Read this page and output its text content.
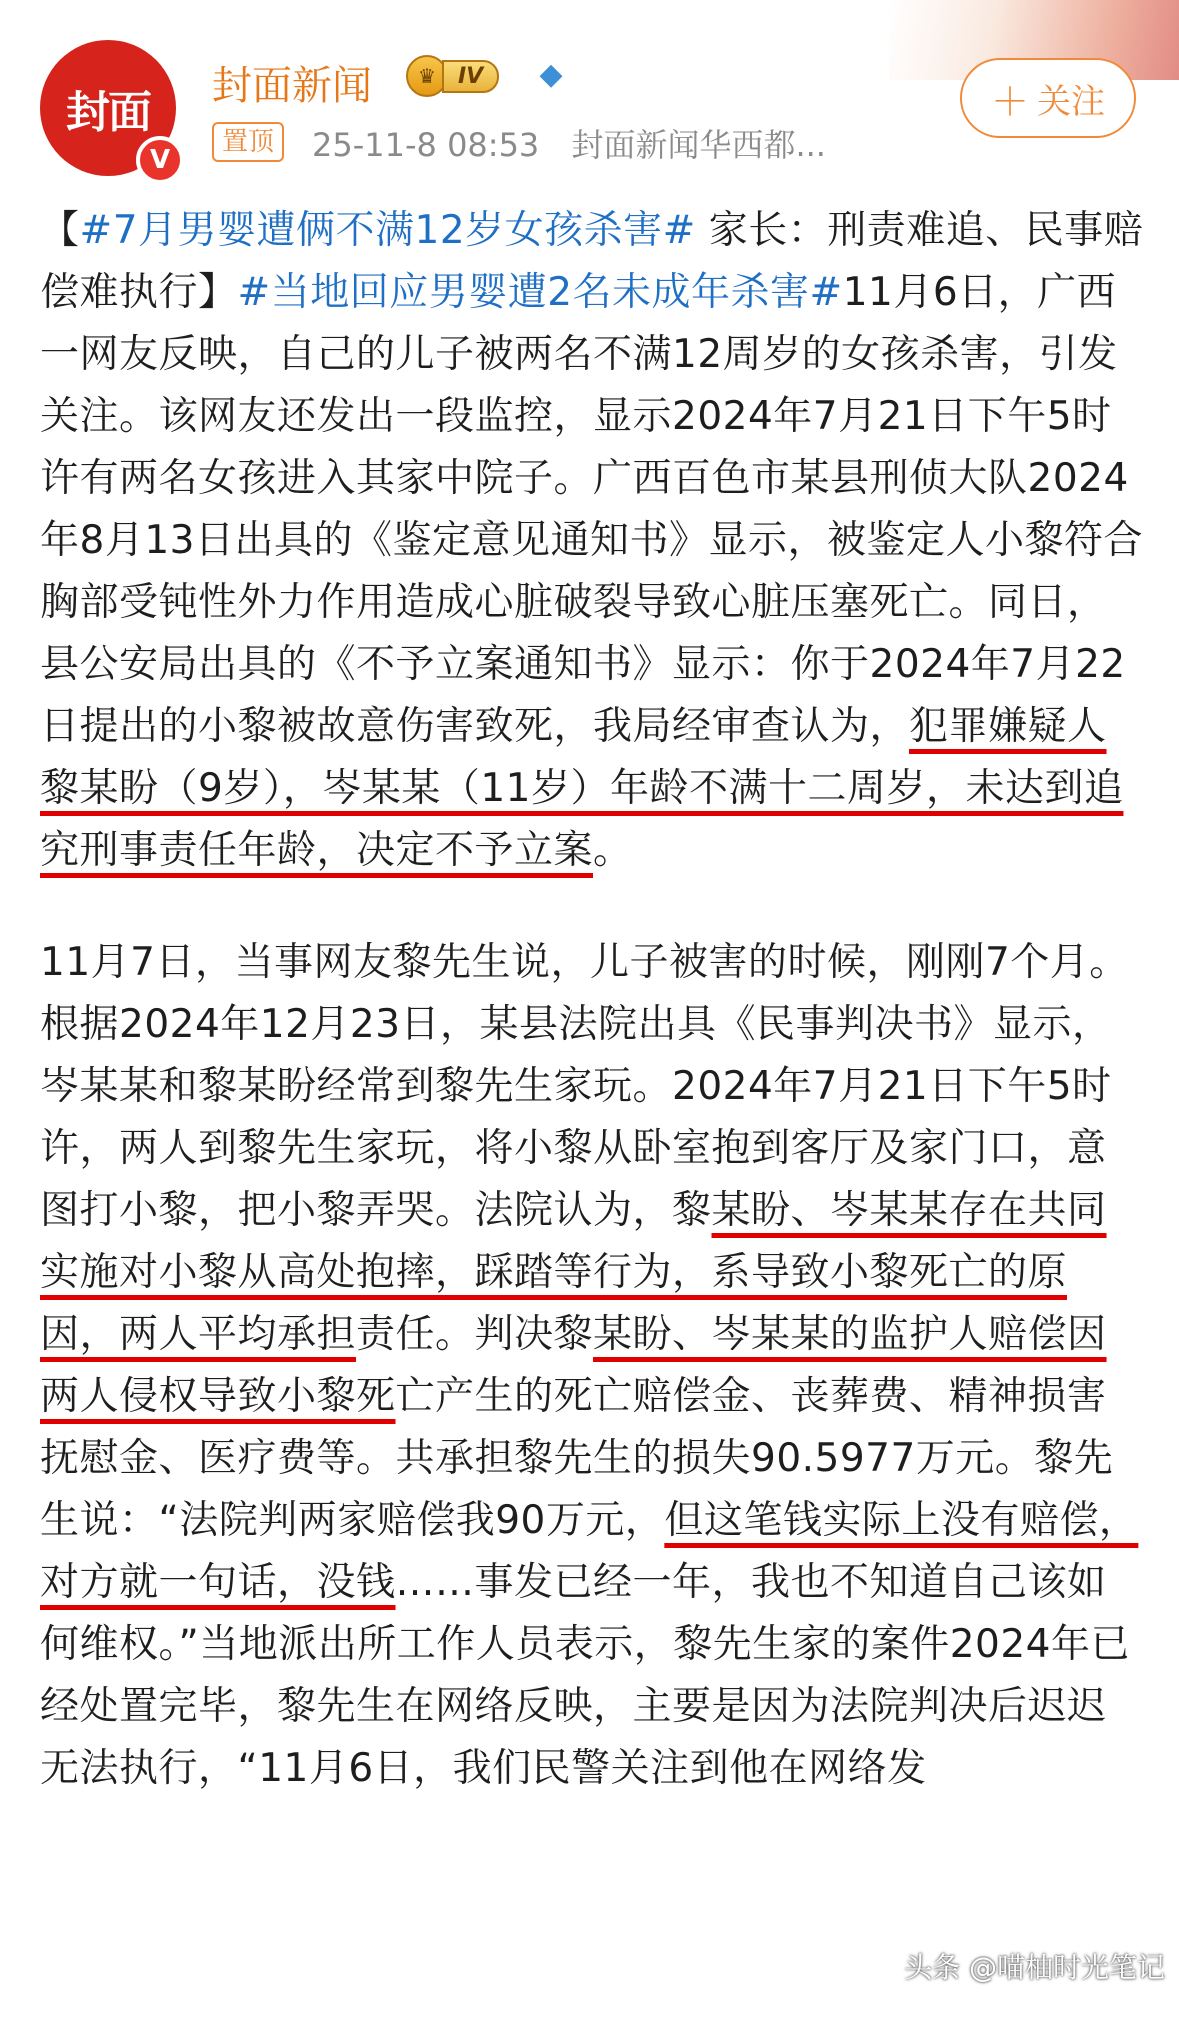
封面
V
封面新闻	♛	IV	◆
置顶	25-11-8 08:53 封面新闻华西都...
＋ 关注

【#7月男婴遭俩不满12岁女孩杀害# 家长：刑责难追、民事赔偿难执行】#当地回应男婴遭2名未成年杀害#11月6日，广西一网友反映，自己的儿子被两名不满12周岁的女孩杀害，引发关注。该网友还发出一段监控，显示2024年7月21日下午5时许有两名女孩进入其家中院子。广西百色市某县刑侦大队2024年8月13日出具的《鉴定意见通知书》显示，被鉴定人小黎符合胸部受钝性外力作用造成心脏破裂导致心脏压塞死亡。同日，县公安局出具的《不予立案通知书》显示：你于2024年7月22日提出的小黎被故意伤害致死，我局经审查认为，犯罪嫌疑人黎某盼（9岁），岑某某（11岁）年龄不满十二周岁，未达到追究刑事责任年龄，决定不予立案。

11月7日，当事网友黎先生说，儿子被害的时候，刚刚7个月。根据2024年12月23日，某县法院出具《民事判决书》显示，岑某某和黎某盼经常到黎先生家玩。2024年7月21日下午5时许，两人到黎先生家玩，将小黎从卧室抱到客厅及家门口，意图打小黎，把小黎弄哭。法院认为，黎某盼、岑某某存在共同实施对小黎从高处抱摔，踩踏等行为，系导致小黎死亡的原因，两人平均承担责任。判决黎某盼、岑某某的监护人赔偿因两人侵权导致小黎死亡产生的死亡赔偿金、丧葬费、精神损害抚慰金、医疗费等。共承担黎先生的损失90.5977万元。黎先生说：“法院判两家赔偿我90万元，但这笔钱实际上没有赔偿，对方就一句话，没钱……事发已经一年，我也不知道自己该如何维权。”当地派出所工作人员表示，黎先生家的案件2024年已经处置完毕，黎先生在网络反映，主要是因为法院判决后迟迟无法执行，“11月6日，我们民警关注到他在网络发

头条 @喵柚时光笔记
